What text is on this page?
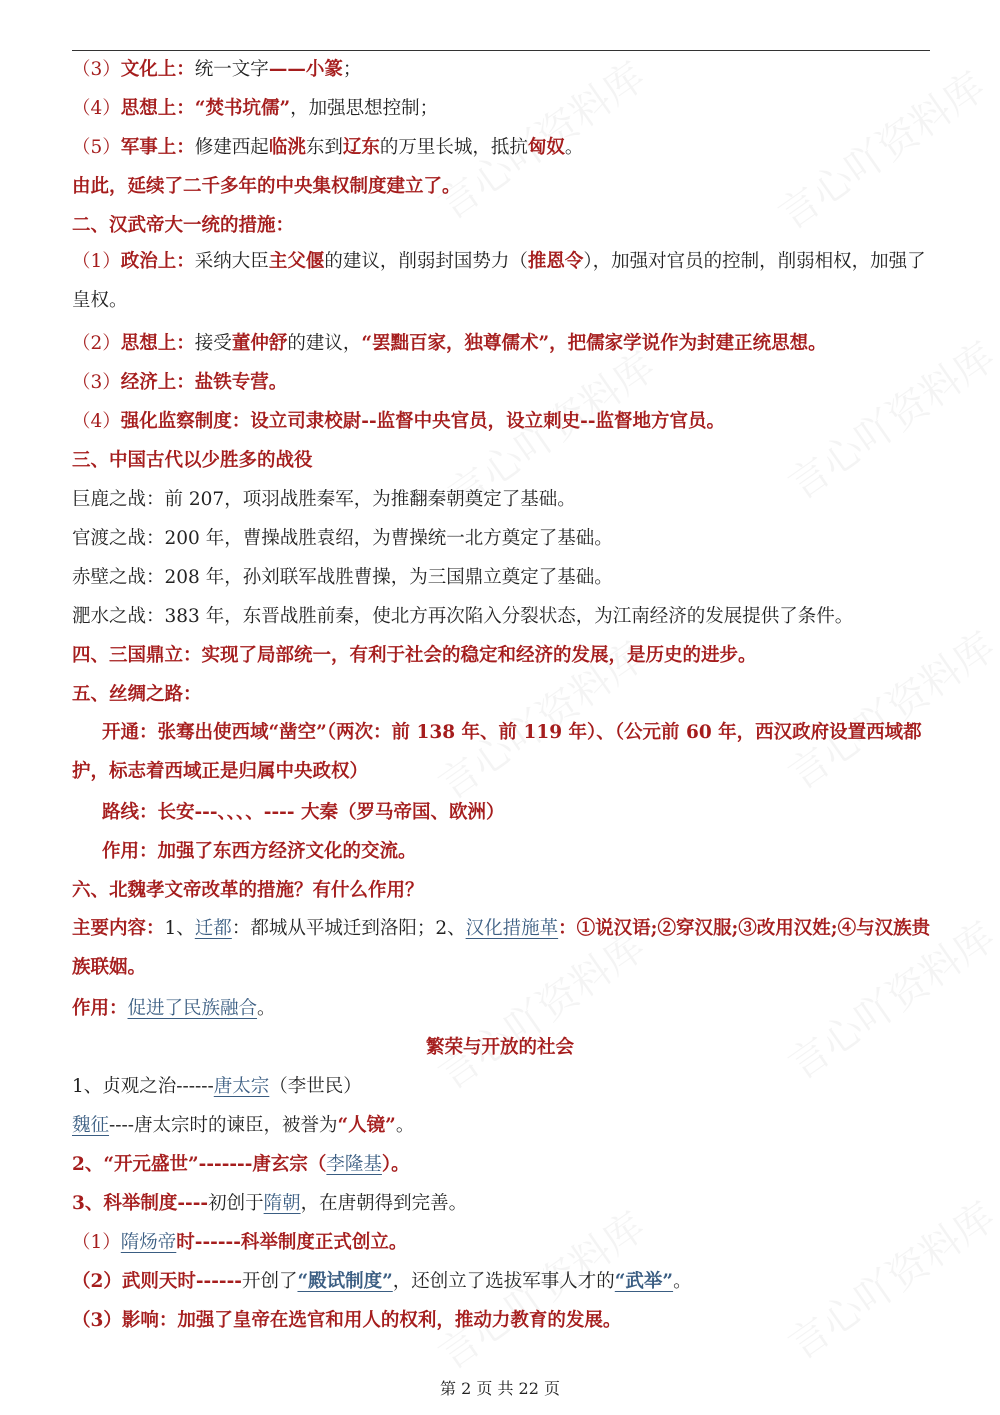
（3）文化上：统一文字——小篆；
（4）思想上：“焚书坑儒”，加强思想控制；
（5）军事上：修建西起临洮东到辽东的万里长城，抵抗匈奴。
由此，延续了二千多年的中央集权制度建立了。
二、汉武帝大一统的措施：
（1）政治上：采纳大臣主父偃的建议，削弱封国势力（推恩令），加强对官员的控制，削弱相权，加强了皇权。
（2）思想上：接受董仲舒的建议，“罢黜百家，独尊儒术”，把儒家学说作为封建正统思想。
（3）经济上：盐铁专营。
（4）强化监察制度：设立司隶校尉--监督中央官员，设立刺史--监督地方官员。
三、中国古代以少胜多的战役
巨鹿之战：前 207，项羽战胜秦军，为推翻秦朝奠定了基础。
官渡之战：200 年，曹操战胜袁绍，为曹操统一北方奠定了基础。
赤壁之战：208 年，孙刘联军战胜曹操，为三国鼎立奠定了基础。
淝水之战：383 年，东晋战胜前秦，使北方再次陷入分裂状态，为江南经济的发展提供了条件。
四、三国鼎立：实现了局部统一，有利于社会的稳定和经济的发展，是历史的进步。
五、丝绸之路：
开通：张骞出使西域“凿空”（两次：前 138 年、前 119 年）、（公元前 60 年，西汉政府设置西域都护，标志着西域正是归属中央政权）
路线：长安---、、、、---- 大秦（罗马帝国、欧洲）
作用：加强了东西方经济文化的交流。
六、北魏孝文帝改革的措施？有什么作用？
主要内容：1、迁都：都城从平城迁到洛阳；2、汉化措施革：①说汉语;②穿汉服;③改用汉姓;④与汉族贵族联姻。
作用：促进了民族融合。
繁荣与开放的社会
1、贞观之治------唐太宗（李世民）
魏征----唐太宗时的谏臣，被誉为“人镜”。
2、“开元盛世”-------唐玄宗（李隆基）。
3、科举制度----初创于隋朝，在唐朝得到完善。
（1）隋炀帝时------科举制度正式创立。
（2）武则天时------开创了“殿试制度”，还创立了选拔军事人才的“武举”。
（3）影响：加强了皇帝在选官和用人的权利，推动力教育的发展。
第 2 页 共 22 页
